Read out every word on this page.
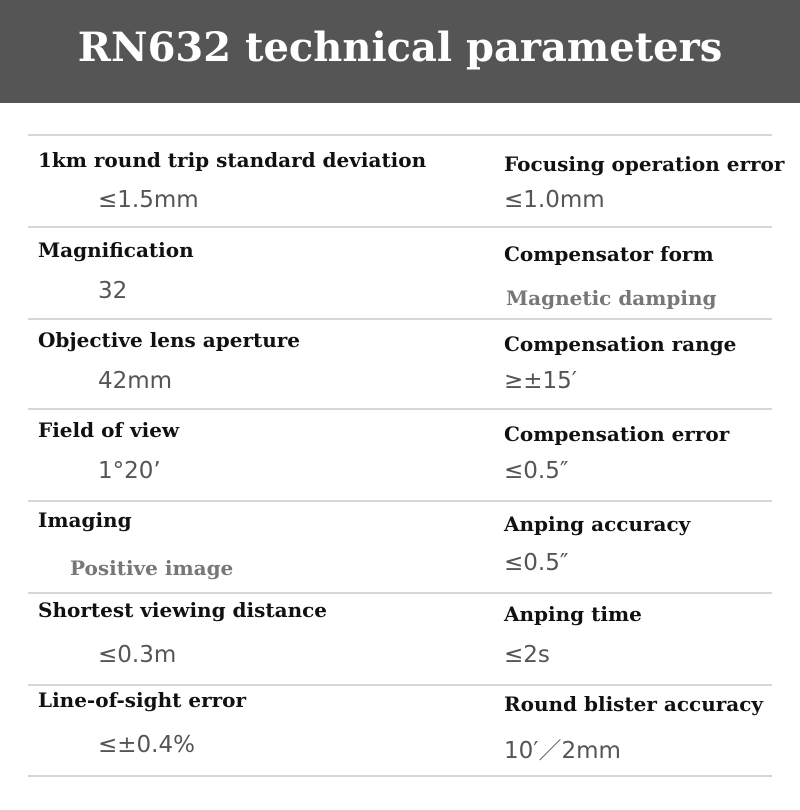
RN632 technical parameters
1km round trip standard deviation
≤1.5mm
Focusing operation error
≤1.0mm
Magnification
32
Compensator form
Magnetic damping
Objective lens aperture
42mm
Compensation range
≥±15′
Field of view
1°20’
Compensation error
≤0.5″
Imaging
Positive image
Anping accuracy
≤0.5″
Shortest viewing distance
≤0.3m
Anping time
≤2s
Line-of-sight error
≤±0.4%
Round blister accuracy
10′／2mm
